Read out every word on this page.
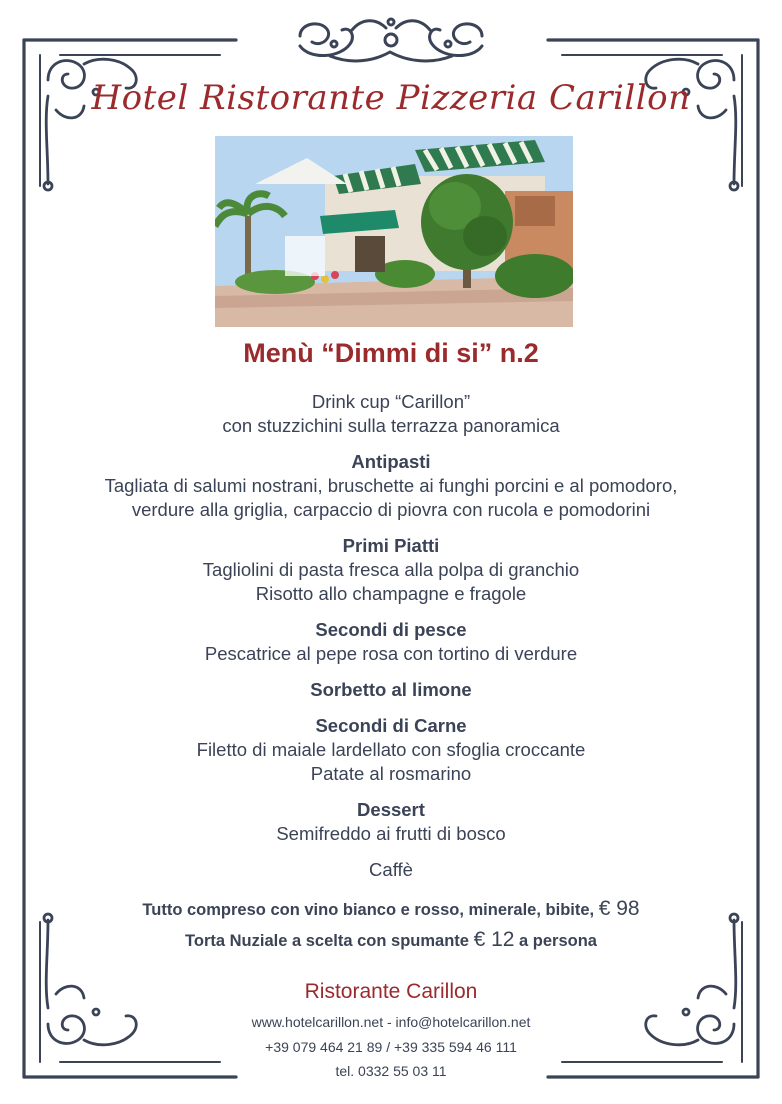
Hotel Ristorante Pizzeria Carillon
Menù “Dimmi di si” n.2
Drink cup “Carillon”
con stuzzichini sulla terrazza panoramica
Antipasti
Tagliata di salumi nostrani, bruschette ai funghi porcini e al pomodoro,
verdure alla griglia, carpaccio di piovra con rucola e pomodorini
Primi Piatti
Tagliolini di pasta fresca alla polpa di granchio
Risotto allo champagne e fragole
Secondi di pesce
Pescatrice al pepe rosa con tortino di verdure
Sorbetto al limone
Secondi di Carne
Filetto di maiale lardellato con sfoglia croccante
Patate al rosmarino
Dessert
Semifreddo ai frutti di bosco
Caffè
Tutto compreso con vino bianco e rosso, minerale, bibite, € 98
Torta Nuziale a scelta con spumante € 12 a persona
Ristorante Carillon
www.hotelcarillon.net - info@hotelcarillon.net
+39 079 464 21 89 / +39 335 594 46 111
tel. 0332 55 03 11
